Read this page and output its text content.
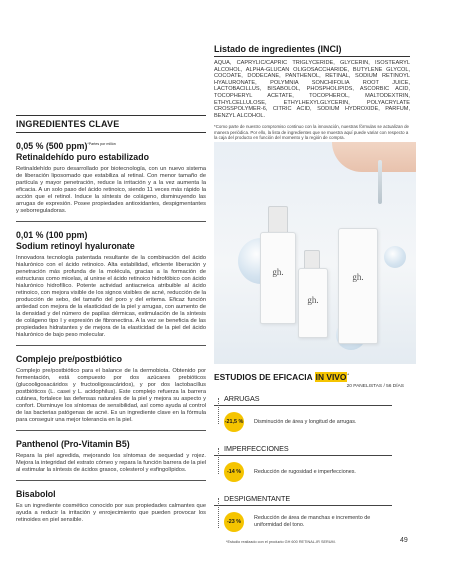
Listado de ingredientes (INCI)
AQUA, CAPRYLIC/CAPRIC TRIGLYCERIDE, GLYCERIN, ISOSTEARYL ALCOHOL, ALPHA-GLUCAN OLIGOSACCHARIDE, BUTYLENE GLYCOL, COCOATE, DODECANE, PANTHENOL, RETINAL, SODIUM RETINOYL HYALURONATE, POLYMNIA SONCHIFOLIA ROOT JUICE, LACTOBACILLUS, BISABOLOL, PHOSPHOLIPIDS, ASCORBIC ACID, TOCOPHERYL ACETATE, TOCOPHEROL, MALTODEXTRIN, ETHYLCELLULOSE, ETHYLHEXYLGLYCERIN, POLYACRYLATE CROSSPOLYMER-6, CITRIC ACID, SODIUM HYDROXIDE, PARFUM, BENZYL ALCOHOL.
*Como parte de nuestro compromiso continuo con la innovación, nuestras fórmulas se actualizan de manera periódica. Por ello, la lista de ingredientes que se muestra aquí puede variar con respecto a la caja del producto en función del momento y la región de compra.
INGREDIENTES CLAVE
0,05 % (500 ppm)$^{*Partes por millón}$
Retinaldehído puro estabilizado
Retinaldehído puro desarrollado por biotecnología, con un nuevo sistema de liberación liposomado que estabiliza al retinal. Con menor tamaño de partícula y mayor penetración, reduce la irritación y a la vez aumenta la eficacia. A un solo paso del ácido retinoico, siendo 11 veces más rápido la acción que el retinol. Induce la síntesis de colágeno, disminuyendo las arrugas de expresión. Posee propiedades antioxidantes, despigmentantes y seborreguladoras.
0,01 % (100 ppm)
Sodium retinoyl hyaluronate
Innovadora tecnología patentada resultante de la combinación del ácido hialurónico con el ácido retinoico. Alta estabilidad, eficiente liberación y penetración más profunda de la molécula, gracias a la formación de estructuras como micelas, al unirse el ácido retinoico hidrofóbico con ácido hialurónico hidrofílico. Potente actividad antiacneica atribuible al ácido retinoico, con mejora visible de los signos visibles de acné, reducción de la producción de sebo, del tamaño del poro y del eritema. Eficaz función antiedad con mejora de la elasticidad de la piel y arrugas, con aumento de la densidad y del número de papilas dérmicas, estimulación de la síntesis de colágeno tipo I y expresión de fibronectina. A la vez se beneficia de las propiedades hidratantes y de mejora de la elasticidad de la piel del ácido hialurónico de bajo peso molecular.
Complejo pre/postbiótico
Complejo pre/postbiótico para el balance de la dermobiota. Obtenido por fermentación, está compuesto por dos azúcares prebióticos (glucooligosacáridos y fructooligosacáridos), y por dos lactobacillus postbióticos (L. casei y L. acidophilus). Este complejo refuerza la barrera cutánea, fortalece las defensas naturales de la piel y mejora su aspecto y confort. Disminuye los síntomas de sensibilidad, así como ayuda al control de las bacterias patógenas de acné. Es un ingrediente clave en la fórmula para conseguir una mejor tolerancia en la piel.
Panthenol (Pro-Vitamin B5)
Repara la piel agredida, mejorando los síntomas de sequedad y rojez. Mejora la integridad del estrato córneo y repara la función barrera de la piel al estimular la síntesis de ácidos grasos, colesterol y esfingolípidos.
Bisabolol
Es un ingrediente cosmético conocido por sus propiedades calmantes que ayuda a reducir la irritación y enrojecimiento que pueden provocar los retinoides en piel sensible.
gh.
gh.
gh.
ESTUDIOS DE EFICACIA IN VIVO*
20 PANELISTAS / 56 DÍAS
ARRUGAS
-21,5 % Disminución de área y longitud de arrugas.
IMPERFECCIONES
-14 %	Reducción de rugosidad e imperfecciones.
DESPIGMENTANTE
-23 %
Reducción de área de manchas e incremento de uniformidad del tono.
*Estudio realizado con el producto GH 600 RETINAL-IR SERUM.	49
